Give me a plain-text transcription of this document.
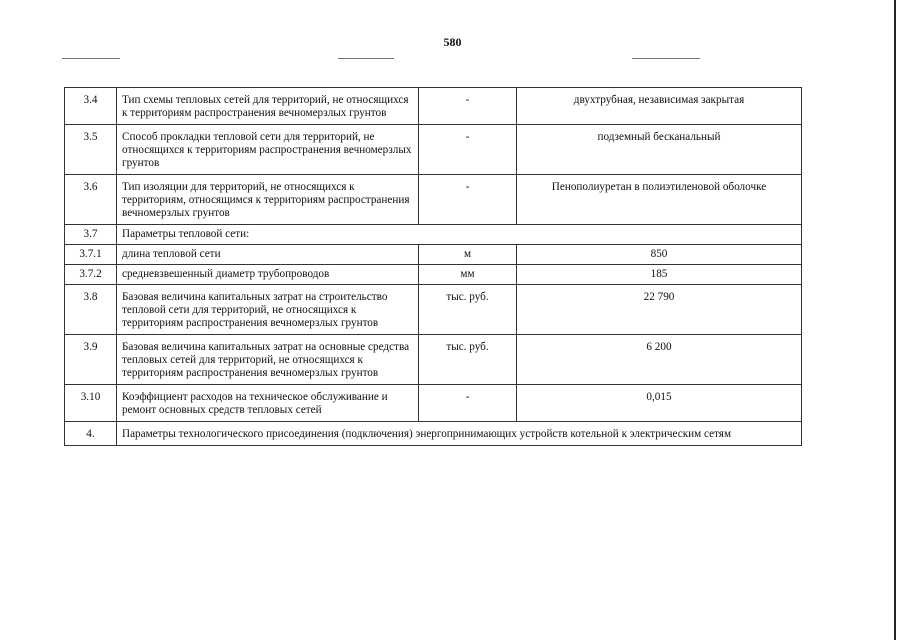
580
3.4	Тип схемы тепловых сетей для территорий, не относящихся к территориям распространения вечномерзлых грунтов	-	двухтрубная, независимая закрытая
3.5	Способ прокладки тепловой сети для территорий, не относящихся к территориям распространения вечномерзлых грунтов	-	подземный бесканальный
3.6	Тип изоляции для территорий, не относящихся к территориям, относящимся к территориям распространения вечномерзлых грунтов	-	Пенополиуретан в полиэтиленовой оболочке
3.7	Параметры тепловой сети:		
3.7.1	длина тепловой сети	м	850
3.7.2	средневзвешенный диаметр трубопроводов	мм	185
3.8	Базовая величина капитальных затрат на строительство тепловой сети для территорий, не относящихся к территориям распространения вечномерзлых грунтов	тыс. руб.	22 790
3.9	Базовая величина капитальных затрат на основные средства тепловых сетей для территорий, не относящихся к территориям распространения вечномерзлых грунтов	тыс. руб.	6 200
3.10	Коэффициент расходов на техническое обслуживание и ремонт основных средств тепловых сетей	-	0,015
4.	Параметры технологического присоединения (подключения) энергопринимающих устройств котельной к электрическим сетям		
